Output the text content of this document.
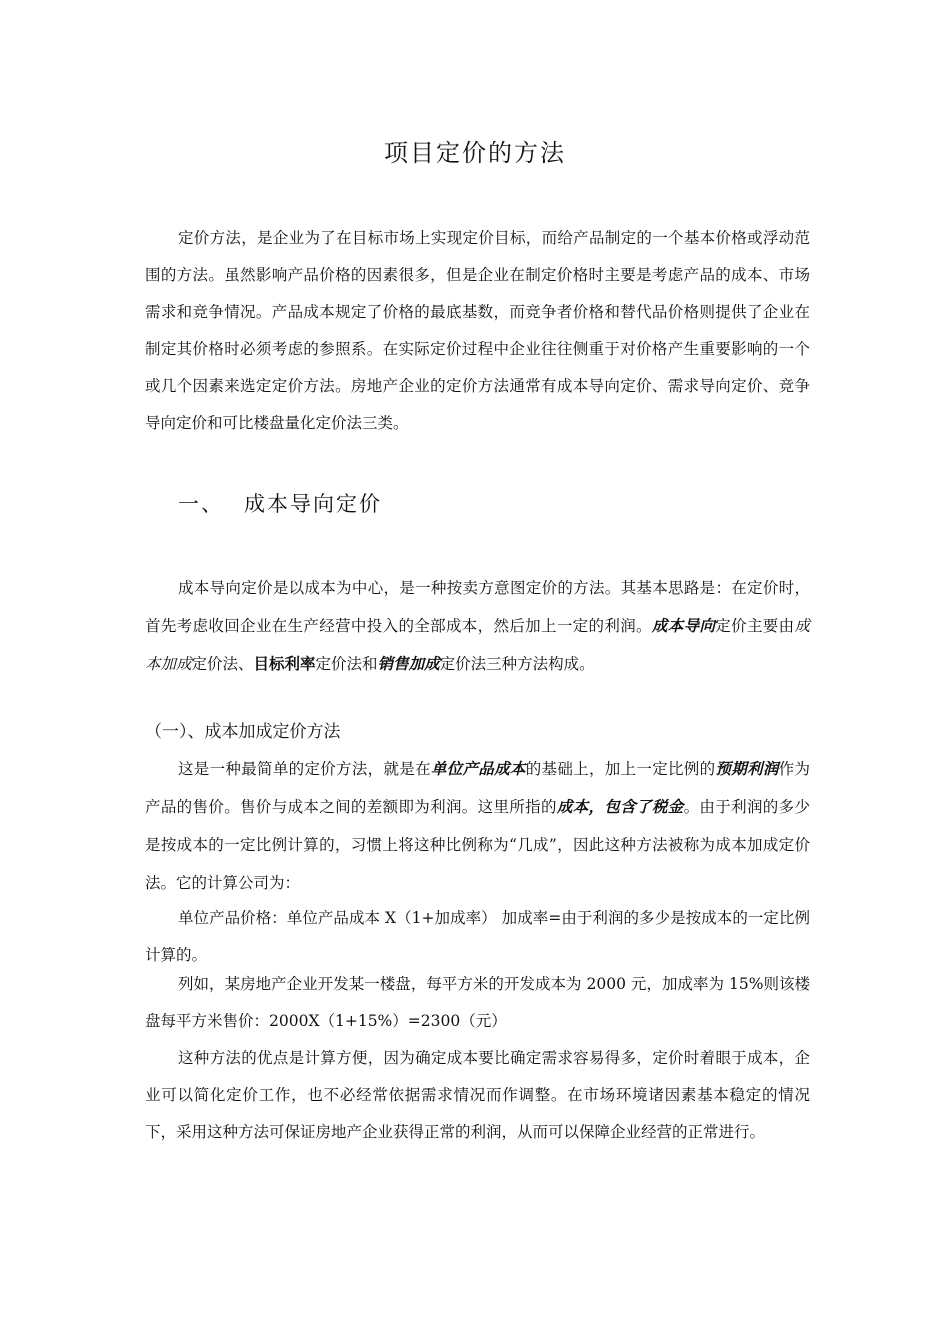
项目定价的方法

定价方法，是企业为了在目标市场上实现定价目标，而给产品制定的一个基本价格或浮动范围的方法。虽然影响产品价格的因素很多，但是企业在制定价格时主要是考虑产品的成本、市场需求和竞争情况。产品成本规定了价格的最底基数，而竞争者价格和替代品价格则提供了企业在制定其价格时必须考虑的参照系。在实际定价过程中企业往往侧重于对价格产生重要影响的一个或几个因素来选定定价方法。房地产企业的定价方法通常有成本导向定价、需求导向定价、竞争导向定价和可比楼盘量化定价法三类。

一、 成本导向定价

成本导向定价是以成本为中心，是一种按卖方意图定价的方法。其基本思路是：在定价时，首先考虑收回企业在生产经营中投入的全部成本，然后加上一定的利润。成本导向定价主要由成本加成定价法、目标利率定价法和销售加成定价法三种方法构成。

（一）、成本加成定价方法

这是一种最简单的定价方法，就是在单位产品成本的基础上，加上一定比例的预期利润作为产品的售价。售价与成本之间的差额即为利润。这里所指的成本，包含了税金。由于利润的多少是按成本的一定比例计算的，习惯上将这种比例称为“几成”，因此这种方法被称为成本加成定价法。它的计算公司为：

单位产品价格：单位产品成本 X（1+加成率） 加成率=由于利润的多少是按成本的一定比例计算的。

列如，某房地产企业开发某一楼盘，每平方米的开发成本为 2000 元，加成率为 15%则该楼盘每平方米售价：2000X（1+15%）=2300（元）

这种方法的优点是计算方便，因为确定成本要比确定需求容易得多，定价时着眼于成本，企业可以简化定价工作，也不必经常依据需求情况而作调整。在市场环境诸因素基本稳定的情况下，采用这种方法可保证房地产企业获得正常的利润，从而可以保障企业经营的正常进行。
